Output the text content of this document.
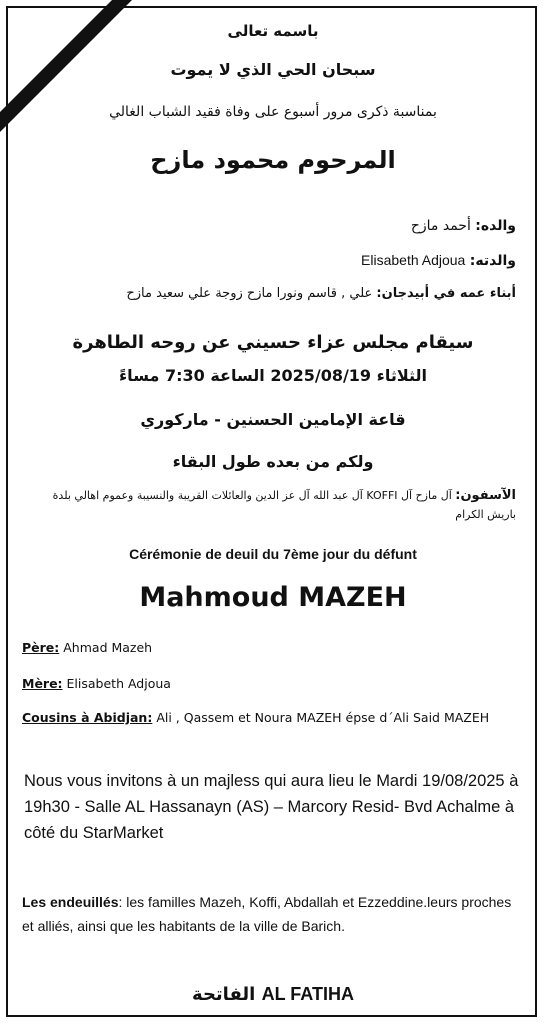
باسمه تعالى
سبحان الحي الذي لا يموت
بمناسبة ذكرى مرور أسبوع على وفاة فقيد الشباب الغالي
المرحوم محمود مازح
والده: أحمد مازح
والدته: Elisabeth Adjoua
أبناء عمه في أبيدجان: علي , قاسم ونورا مازح زوجة علي سعيد مازح
سيقام مجلس عزاء حسيني عن روحه الطاهرة
الثلاثاء 2025/08/19 الساعة 7:30 مساءً
قاعة الإمامين الحسنين - ماركوري
ولكم من بعده طول البقاء
الآسفون: آل مازح آل KOFFI آل عبد الله آل عز الدين والعائلات القريبة والنسيبة وعموم اهالي بلدة باريش الكرام
Cérémonie de deuil du 7ème jour du défunt
Mahmoud MAZEH
Père: Ahmad Mazeh
Mère: Elisabeth Adjoua
Cousins à Abidjan: Ali , Qassem et Noura MAZEH épse d´Ali Said MAZEH
Nous vous invitons à un majless qui aura lieu le Mardi 19/08/2025 à 19h30 - Salle AL Hassanayn (AS) – Marcory Resid- Bvd Achalme à côté du StarMarket
Les endeuillés: les familles Mazeh, Koffi, Abdallah et Ezzeddine.leurs proches et alliés, ainsi que les habitants de la ville de Barich.
الفاتحة AL FATIHA
